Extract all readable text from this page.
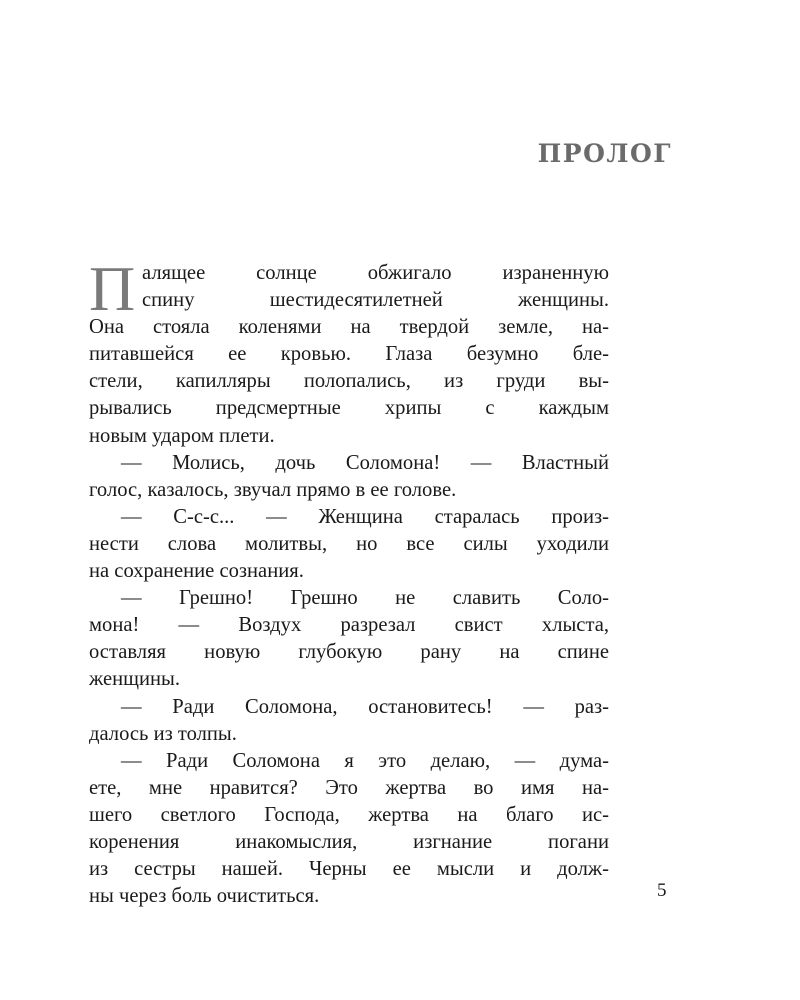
ПРОЛОГ
П алящее солнце обжигало израненную
спину шестидесятилетней женщины.
Она стояла коленями на твердой земле, на-
питавшейся ее кровью. Глаза безумно бле-
стели, капилляры полопались, из груди вы-
рывались предсмертные хрипы с каждым
новым ударом плети.
— Молись, дочь Соломона! — Властный
голос, казалось, звучал прямо в ее голове.
— С-с-с... — Женщина старалась произ-
нести слова молитвы, но все силы уходили
на сохранение сознания.
— Грешно! Грешно не славить Соло-
мона! — Воздух разрезал свист хлыста,
оставляя новую глубокую рану на спине
женщины.
— Ради Соломона, остановитесь! — раз-
далось из толпы.
— Ради Соломона я это делаю, — дума-
ете, мне нравится? Это жертва во имя на-
шего светлого Господа, жертва на благо ис-
коренения инакомыслия, изгнание погани
из сестры нашей. Черны ее мысли и долж-
ны через боль очиститься.	5
